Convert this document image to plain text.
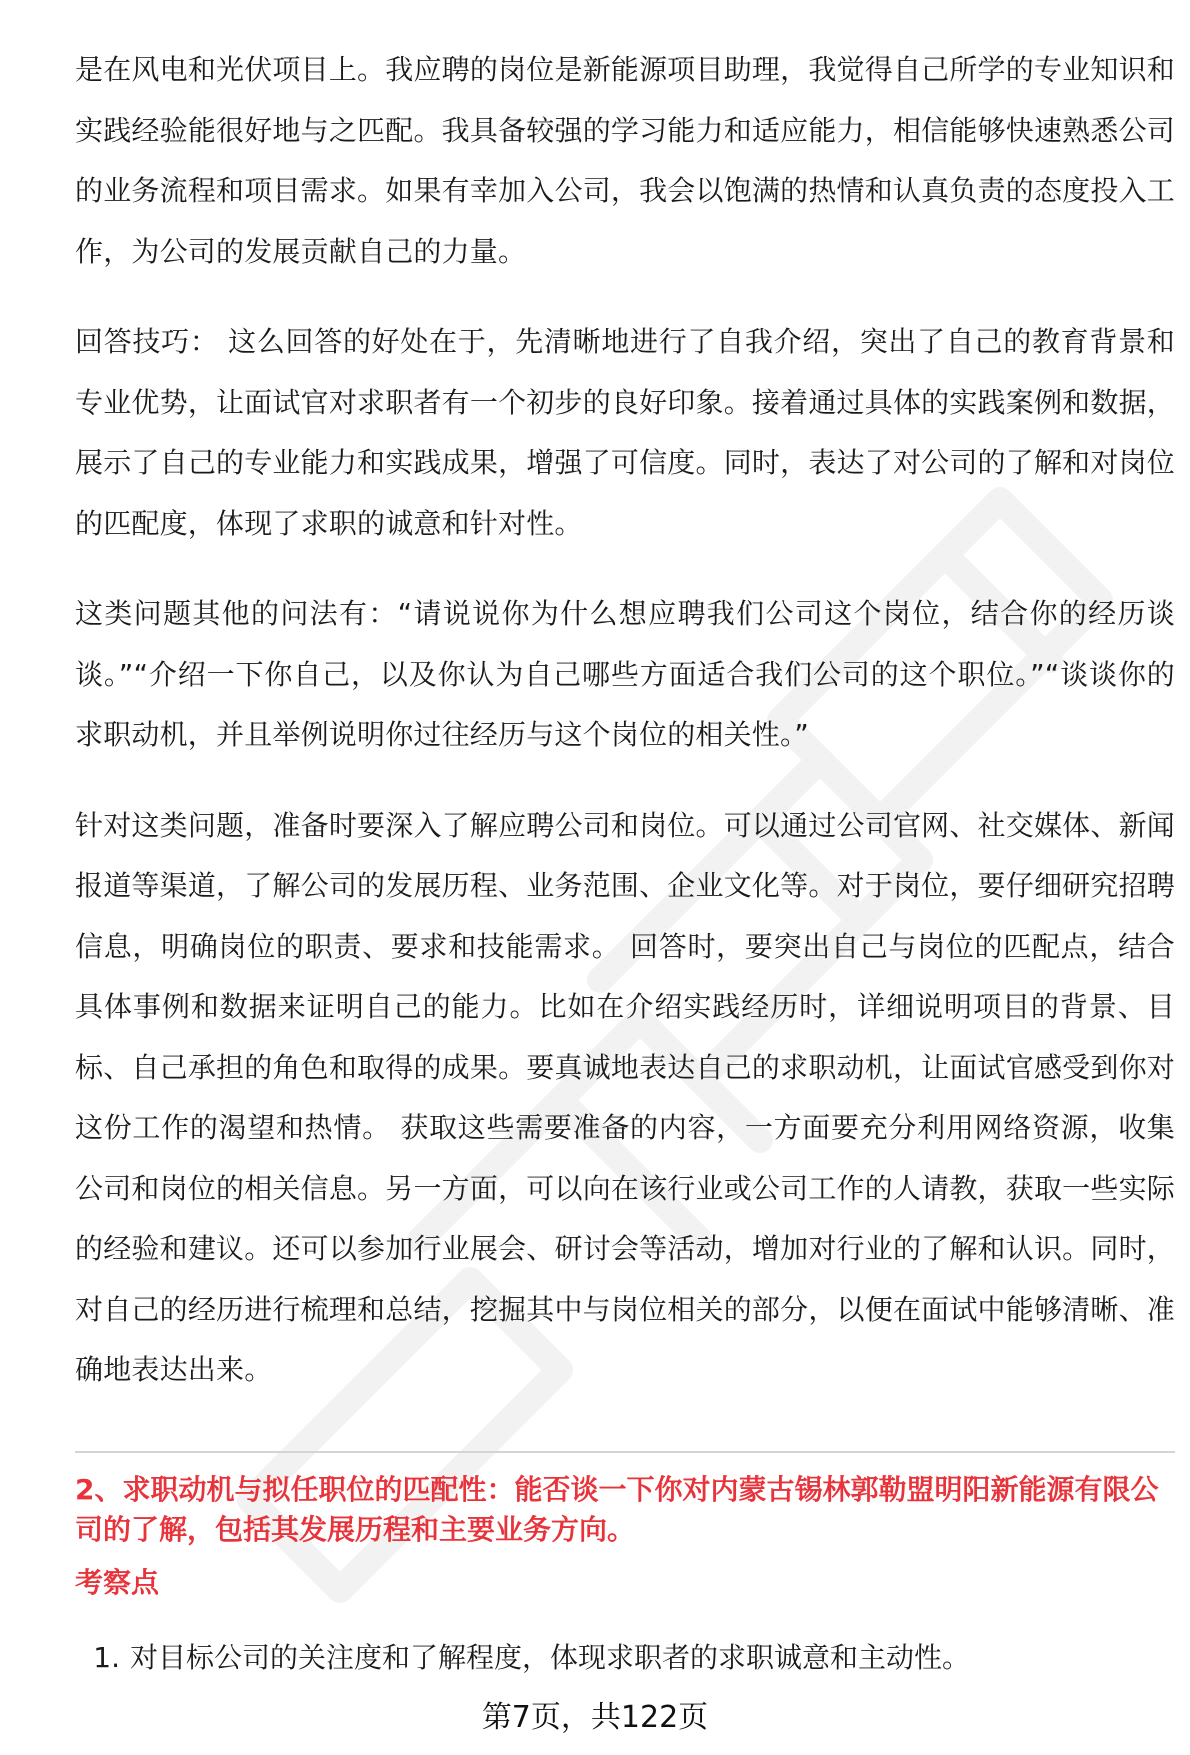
是在风电和光伏项目上。我应聘的岗位是新能源项目助理，我觉得自己所学的专业知识和实践经验能很好地与之匹配。我具备较强的学习能力和适应能力，相信能够快速熟悉公司的业务流程和项目需求。如果有幸加入公司，我会以饱满的热情和认真负责的态度投入工作，为公司的发展贡献自己的力量。

回答技巧： 这么回答的好处在于，先清晰地进行了自我介绍，突出了自己的教育背景和专业优势，让面试官对求职者有一个初步的良好印象。接着通过具体的实践案例和数据，展示了自己的专业能力和实践成果，增强了可信度。同时，表达了对公司的了解和对岗位的匹配度，体现了求职的诚意和针对性。

这类问题其他的问法有：“请说说你为什么想应聘我们公司这个岗位，结合你的经历谈谈。”“介绍一下你自己，以及你认为自己哪些方面适合我们公司的这个职位。”“谈谈你的求职动机，并且举例说明你过往经历与这个岗位的相关性。”

针对这类问题，准备时要深入了解应聘公司和岗位。可以通过公司官网、社交媒体、新闻报道等渠道，了解公司的发展历程、业务范围、企业文化等。对于岗位，要仔细研究招聘信息，明确岗位的职责、要求和技能需求。 回答时，要突出自己与岗位的匹配点，结合具体事例和数据来证明自己的能力。比如在介绍实践经历时，详细说明项目的背景、目标、自己承担的角色和取得的成果。要真诚地表达自己的求职动机，让面试官感受到你对这份工作的渴望和热情。 获取这些需要准备的内容，一方面要充分利用网络资源，收集公司和岗位的相关信息。另一方面，可以向在该行业或公司工作的人请教，获取一些实际的经验和建议。还可以参加行业展会、研讨会等活动，增加对行业的了解和认识。同时，对自己的经历进行梳理和总结，挖掘其中与岗位相关的部分，以便在面试中能够清晰、准确地表达出来。

2、求职动机与拟任职位的匹配性：能否谈一下你对内蒙古锡林郭勒盟明阳新能源有限公司的了解，包括其发展历程和主要业务方向。

考察点

1. 对目标公司的关注度和了解程度，体现求职者的求职诚意和主动性。
第7页，共122页
